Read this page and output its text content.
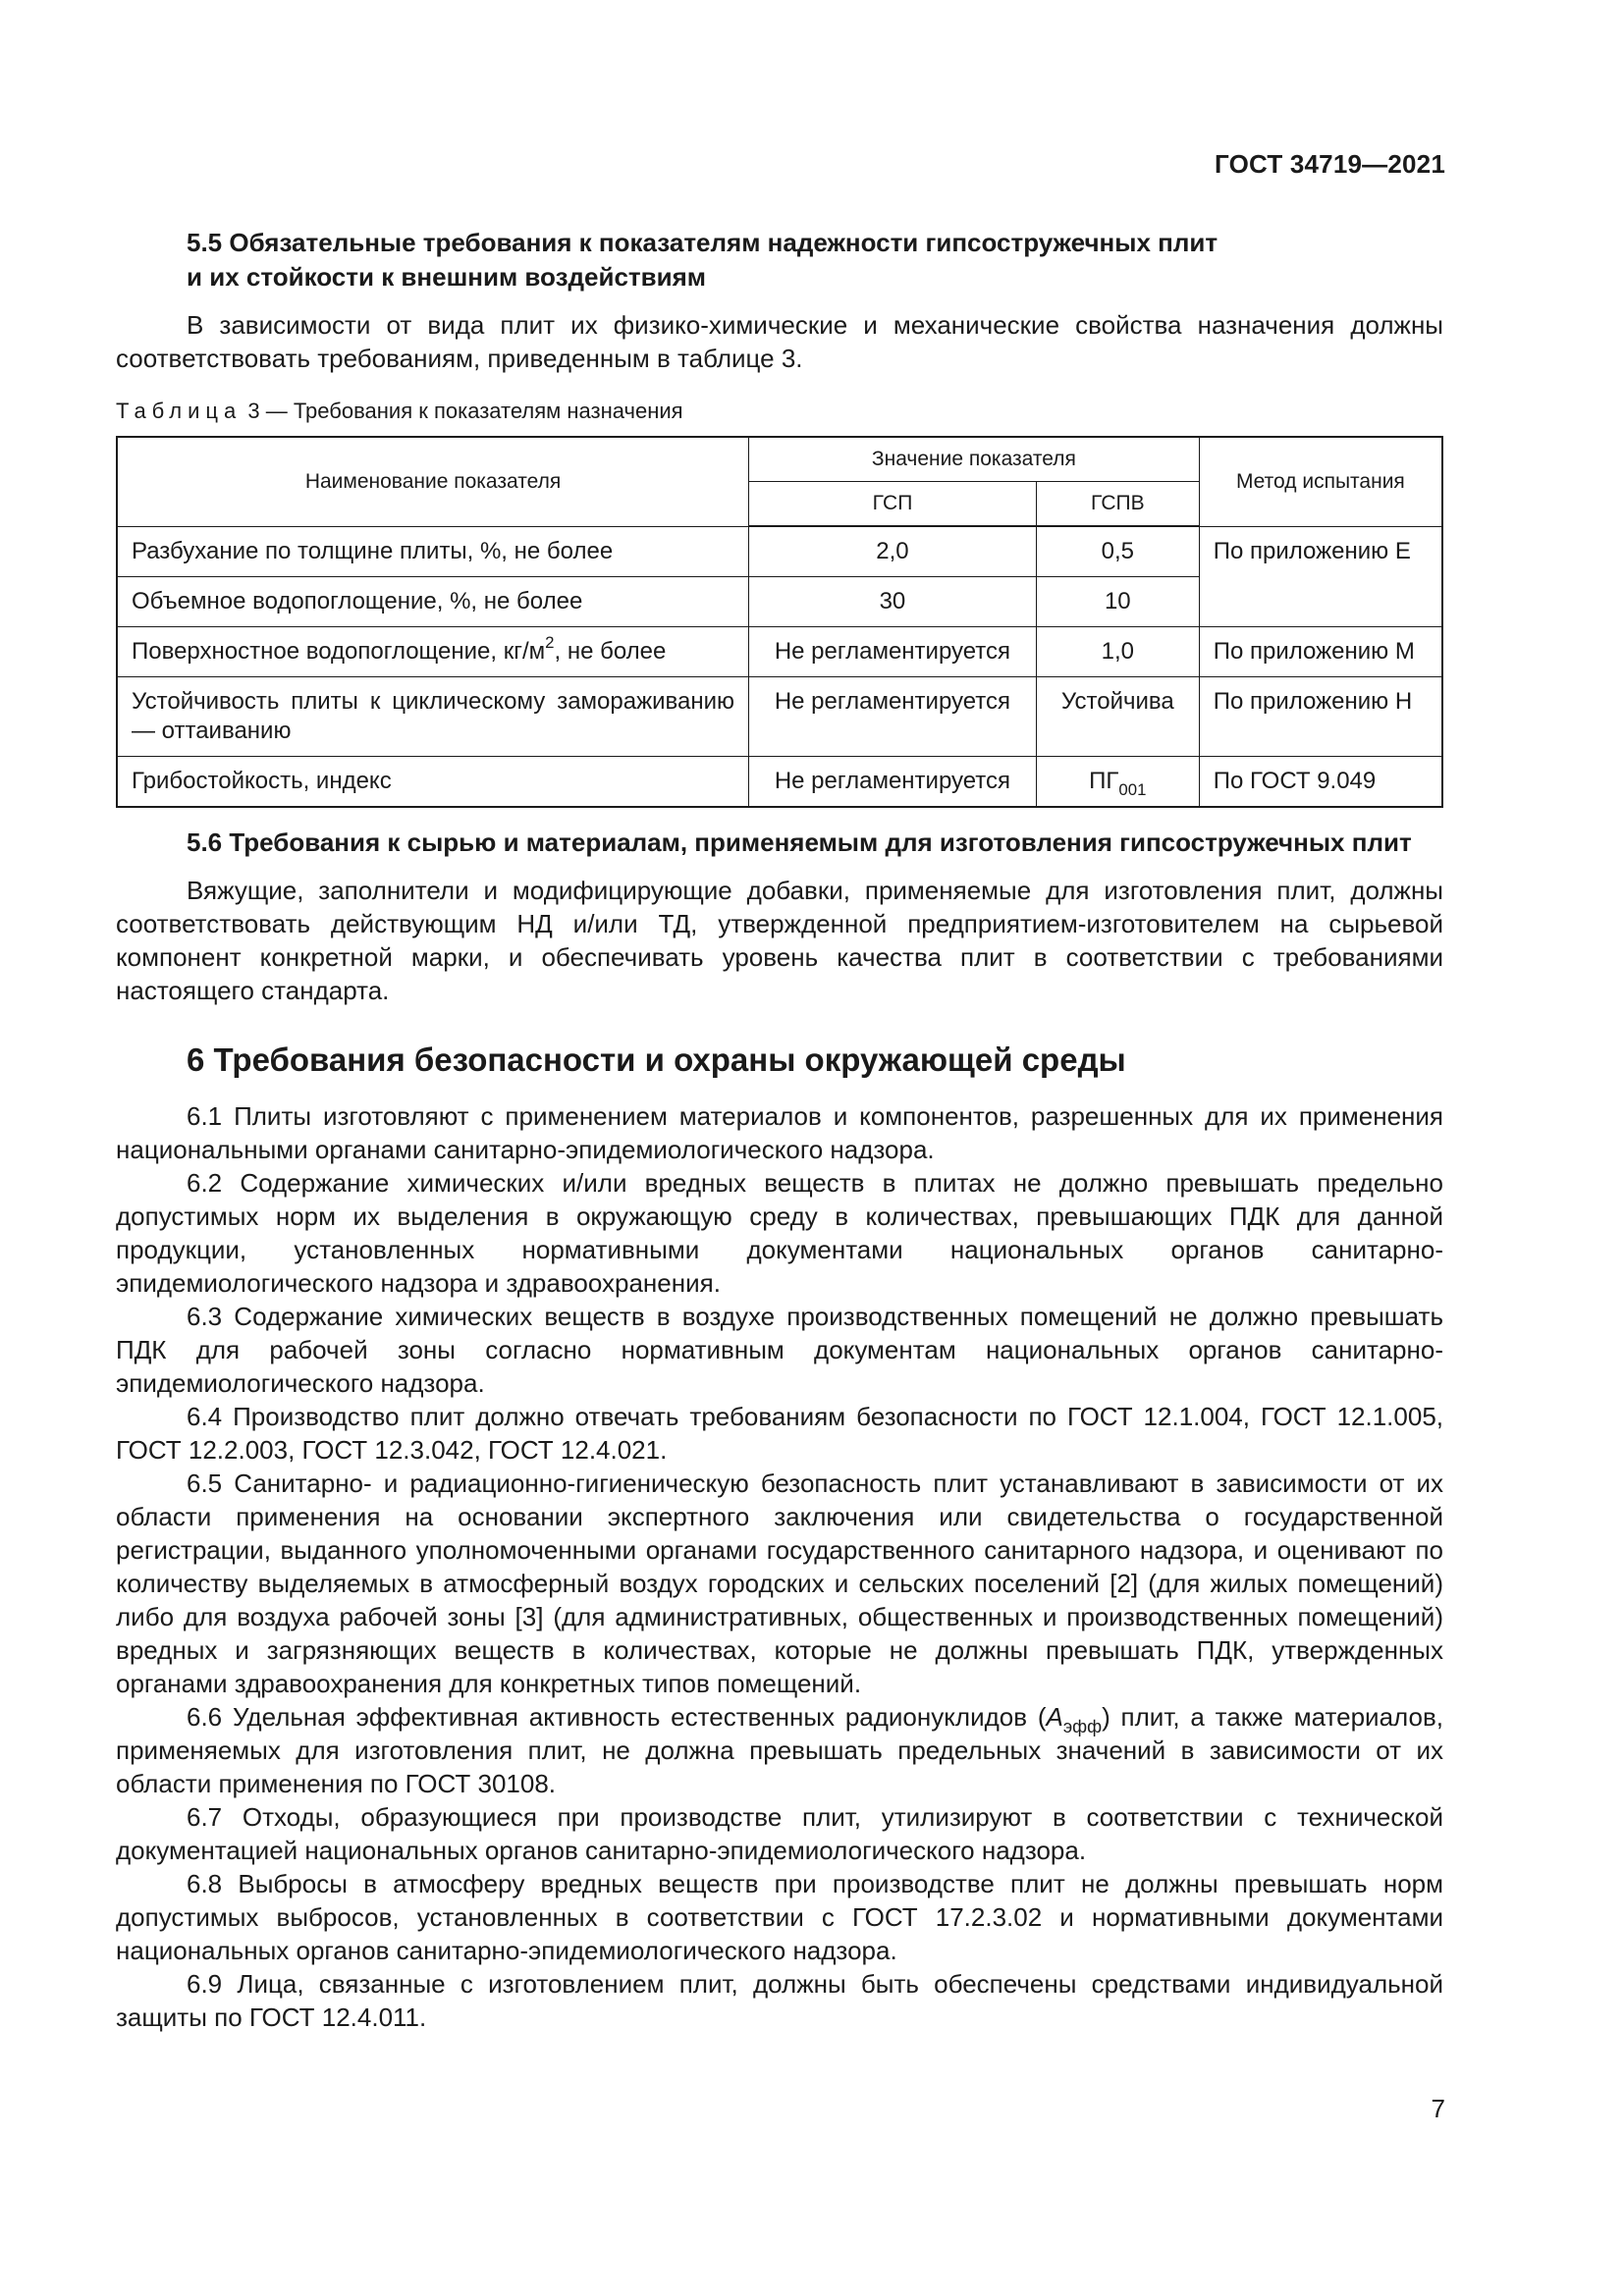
ГОСТ 34719—2021

5.5 Обязательные требования к показателям надежности гипсостружечных плит
и их стойкости к внешним воздействиям

В зависимости от вида плит их физико-химические и механические свойства назначения должны соответствовать требованиям, приведенным в таблице 3.

Таблица 3 — Требования к показателям назначения
Наименование показателя	Значение показателя		Метод испытания
	ГСП	ГСПВ	
Разбухание по толщине плиты, %, не более	2,0	0,5	По приложению Е
Объемное водопоглощение, %, не более	30	10	
Поверхностное водопоглощение, $кг/м^2$, не более	Не регламентируется	1,0	По приложению М
Устойчивость плиты к циклическому замораживанию — оттаиванию	Не регламентируется	Устойчива	По приложению Н
Грибостойкость, индекс	Не регламентируется	$ПГ_{001}$	По ГОСТ 9.049

5.6 Требования к сырью и материалам, применяемым для изготовления гипсостружечных плит

Вяжущие, заполнители и модифицирующие добавки, применяемые для изготовления плит, должны соответствовать действующим НД и/или ТД, утвержденной предприятием-изготовителем на сырьевой компонент конкретной марки, и обеспечивать уровень качества плит в соответствии с требованиями настоящего стандарта.

6 Требования безопасности и охраны окружающей среды

6.1 Плиты изготовляют с применением материалов и компонентов, разрешенных для их применения национальными органами санитарно-эпидемиологического надзора.

6.2 Содержание химических и/или вредных веществ в плитах не должно превышать предельно допустимых норм их выделения в окружающую среду в количествах, превышающих ПДК для данной продукции, установленных нормативными документами национальных органов санитарно-эпидемиологического надзора и здравоохранения.

6.3 Содержание химических веществ в воздухе производственных помещений не должно превышать ПДК для рабочей зоны согласно нормативным документам национальных органов санитарно-эпидемиологического надзора.

6.4 Производство плит должно отвечать требованиям безопасности по ГОСТ 12.1.004, ГОСТ 12.1.005, ГОСТ 12.2.003, ГОСТ 12.3.042, ГОСТ 12.4.021.

6.5 Санитарно- и радиационно-гигиеническую безопасность плит устанавливают в зависимости от их области применения на основании экспертного заключения или свидетельства о государственной регистрации, выданного уполномоченными органами государственного санитарного надзора, и оценивают по количеству выделяемых в атмосферный воздух городских и сельских поселений [2] (для жилых помещений) либо для воздуха рабочей зоны [3] (для административных, общественных и производственных помещений) вредных и загрязняющих веществ в количествах, которые не должны превышать ПДК, утвержденных органами здравоохранения для конкретных типов помещений.

6.6 Удельная эффективная активность естественных радионуклидов $(А_{эфф})$ плит, а также материалов, применяемых для изготовления плит, не должна превышать предельных значений в зависимости от их области применения по ГОСТ 30108.

6.7 Отходы, образующиеся при производстве плит, утилизируют в соответствии с технической документацией национальных органов санитарно-эпидемиологического надзора.

6.8 Выбросы в атмосферу вредных веществ при производстве плит не должны превышать норм допустимых выбросов, установленных в соответствии с ГОСТ 17.2.3.02 и нормативными документами национальных органов санитарно-эпидемиологического надзора.

6.9 Лица, связанные с изготовлением плит, должны быть обеспечены средствами индивидуальной защиты по ГОСТ 12.4.011.

7
